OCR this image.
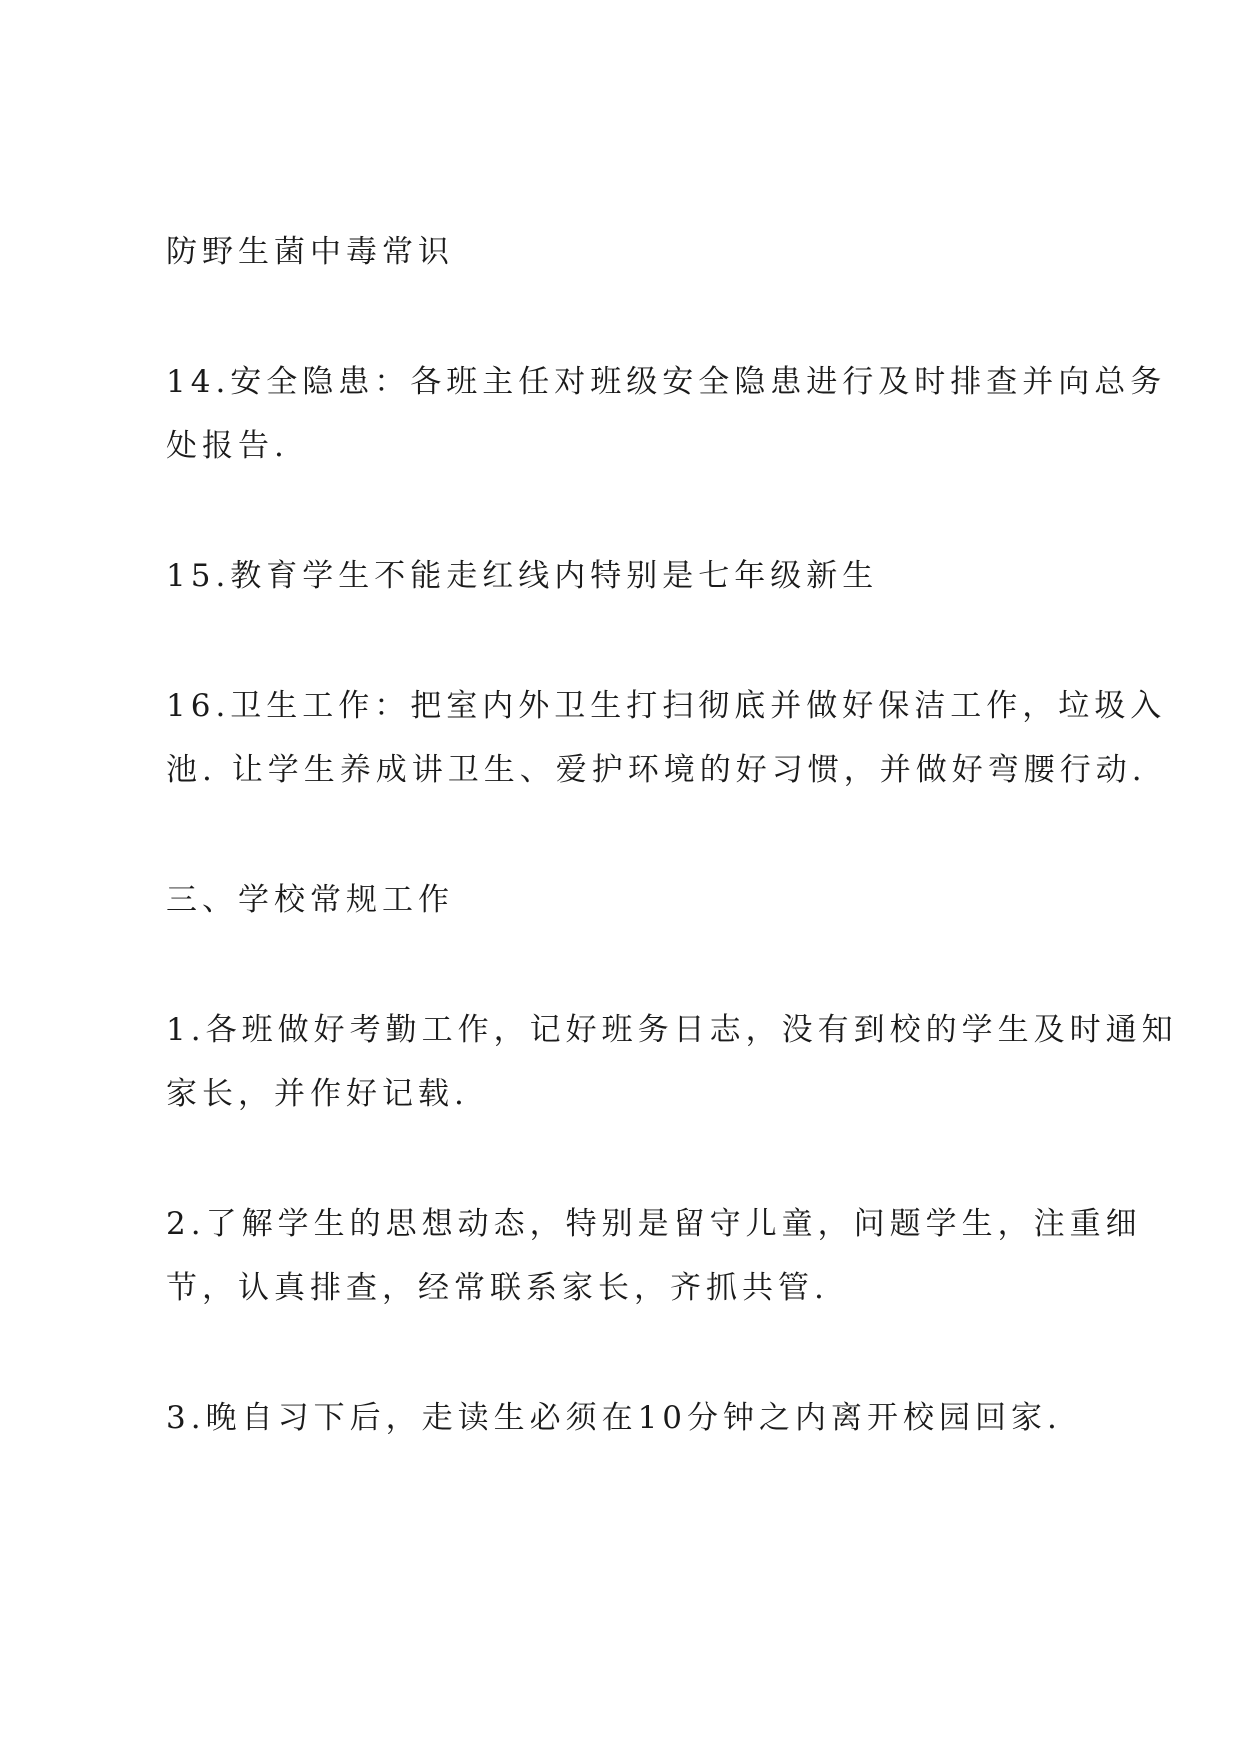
防野生菌中毒常识

14.安全隐患：各班主任对班级安全隐患进行及时排查并向总务

处报告.

15.教育学生不能走红线内特别是七年级新生

16.卫生工作：把室内外卫生打扫彻底并做好保洁工作，垃圾入

池. 让学生养成讲卫生、爱护环境的好习惯，并做好弯腰行动.

三、学校常规工作

1.各班做好考勤工作，记好班务日志，没有到校的学生及时通知

家长，并作好记载.

2.了解学生的思想动态，特别是留守儿童，问题学生，注重细

节，认真排查，经常联系家长，齐抓共管.

3.晚自习下后，走读生必须在10分钟之内离开校园回家.
